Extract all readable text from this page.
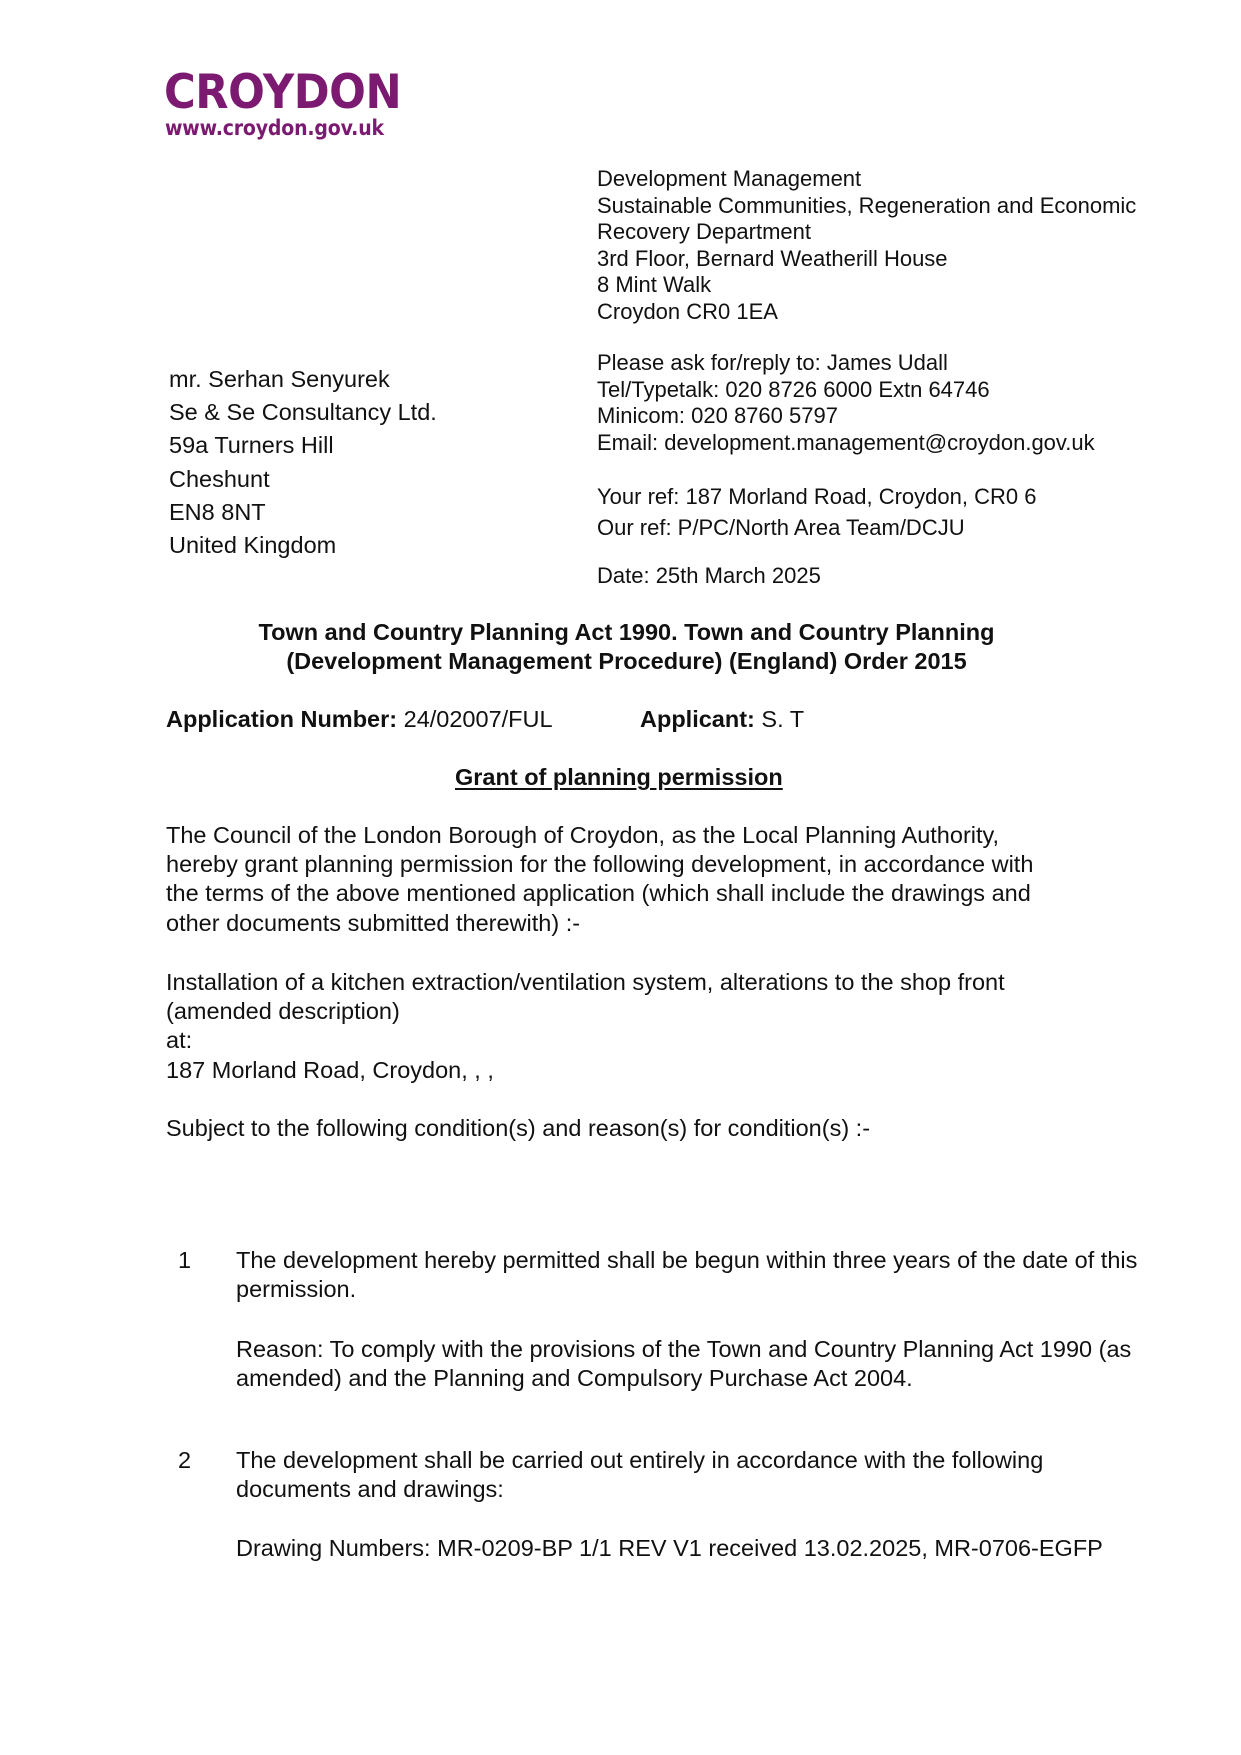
CROYDON
www.croydon.gov.uk
Development Management
Sustainable Communities, Regeneration and Economic
Recovery Department
3rd Floor, Bernard Weatherill House
8 Mint Walk
Croydon CR0 1EA
Please ask for/reply to: James Udall
Tel/Typetalk: 020 8726 6000 Extn 64746
Minicom: 020 8760 5797
Email: development.management@croydon.gov.uk
Your ref: 187 Morland Road, Croydon, CR0 6
Our ref: P/PC/North Area Team/DCJU
Date: 25th March 2025
mr. Serhan Senyurek
Se & Se Consultancy Ltd.
59a Turners Hill
Cheshunt
EN8 8NT
United Kingdom
Town and Country Planning Act 1990. Town and Country Planning
(Development Management Procedure) (England) Order 2015
Application Number: 24/02007/FUL	Applicant: S. T
Grant of planning permission
The Council of the London Borough of Croydon, as the Local Planning Authority,
hereby grant planning permission for the following development, in accordance with
the terms of the above mentioned application (which shall include the drawings and
other documents submitted therewith) :-
Installation of a kitchen extraction/ventilation system, alterations to the shop front
(amended description)
at:
187 Morland Road, Croydon, , ,
Subject to the following condition(s) and reason(s) for condition(s) :-
1 The development hereby permitted shall be begun within three years of the date of this
permission.
Reason: To comply with the provisions of the Town and Country Planning Act 1990 (as
amended) and the Planning and Compulsory Purchase Act 2004.
2 The development shall be carried out entirely in accordance with the following
documents and drawings:
Drawing Numbers: MR-0209-BP 1/1 REV V1 received 13.02.2025, MR-0706-EGFP
